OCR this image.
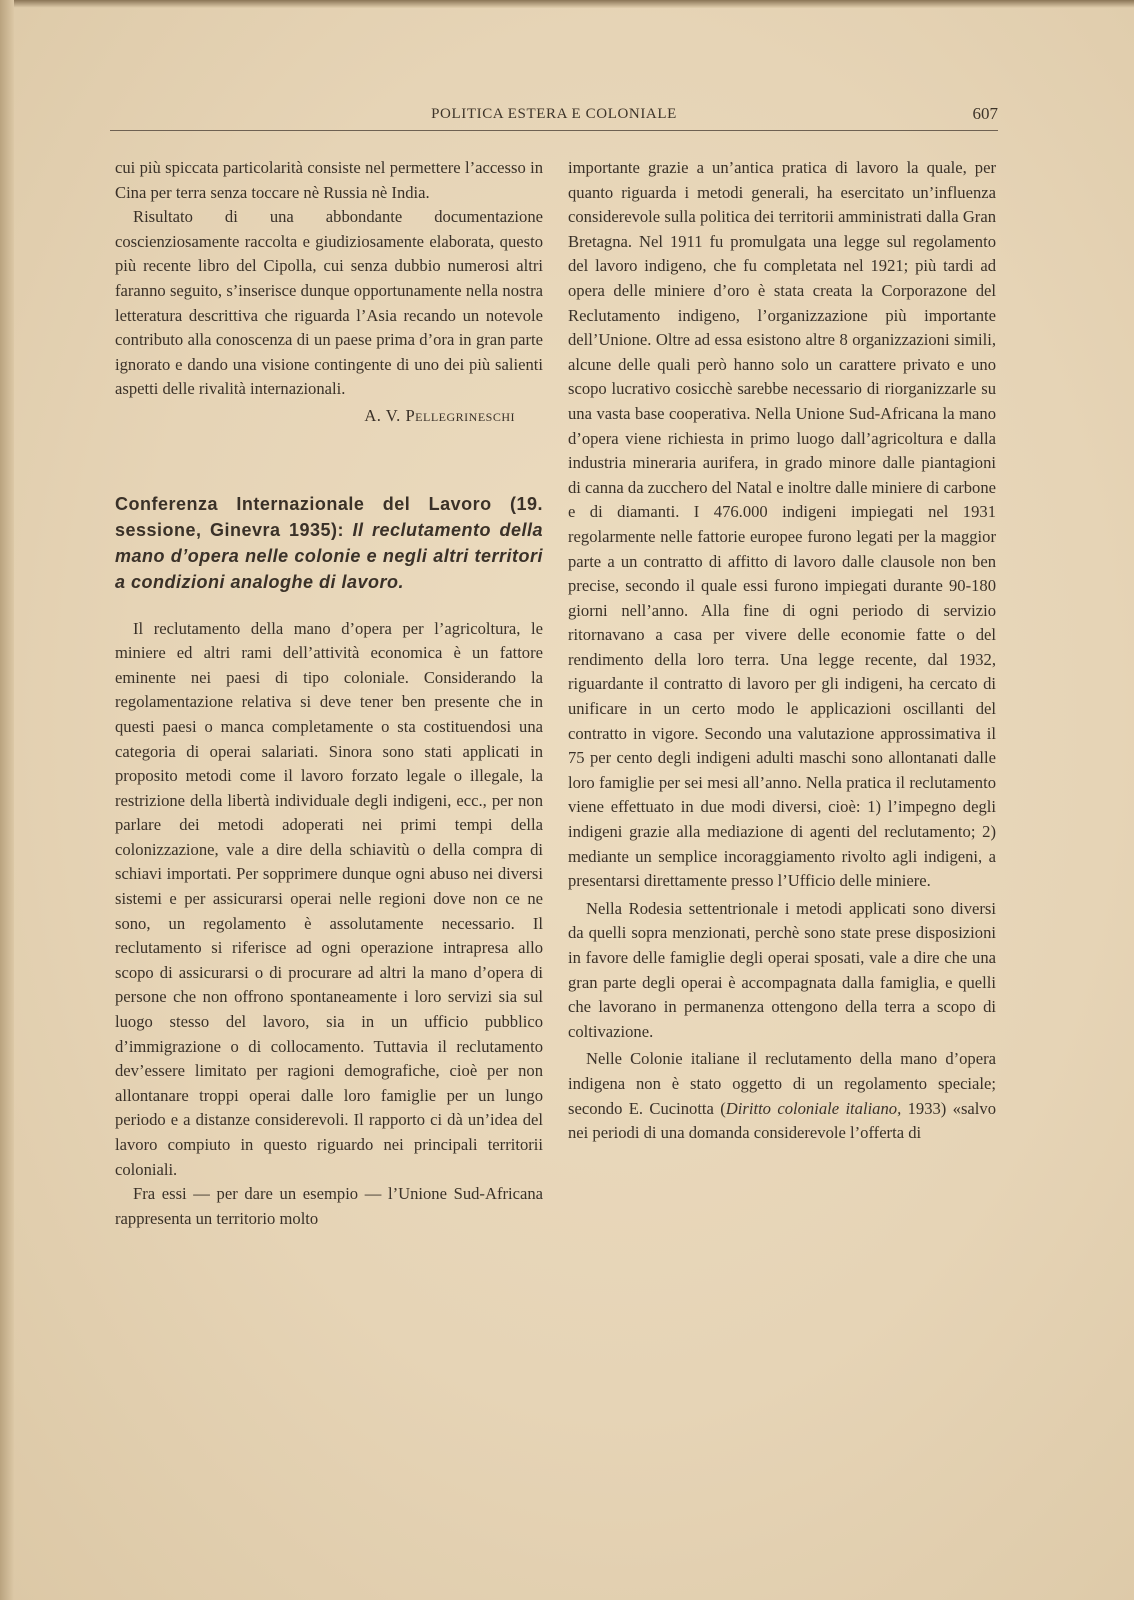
POLITICA ESTERA E COLONIALE	607

cui più spiccata particolarità consiste nel permettere l’accesso in Cina per terra senza toccare nè Russia nè India.

Risultato di una abbondante documentazione coscienziosamente raccolta e giudiziosamente elaborata, questo più recente libro del Cipolla, cui senza dubbio numerosi altri faranno seguito, s’inserisce dunque opportunamente nella nostra letteratura descrittiva che riguarda l’Asia recando un notevole contributo alla conoscenza di un paese prima d’ora in gran parte ignorato e dando una visione contingente di uno dei più salienti aspetti delle rivalità internazionali.

A. V. Pellegrineschi

Conferenza Internazionale del Lavoro (19. sessione, Ginevra 1935): Il reclutamento della mano d’opera nelle colonie e negli altri territori a condizioni analoghe di lavoro.

Il reclutamento della mano d’opera per l’agricoltura, le miniere ed altri rami dell’attività economica è un fattore eminente nei paesi di tipo coloniale. Considerando la regolamentazione relativa si deve tener ben presente che in questi paesi o manca completamente o sta costituendosi una categoria di operai salariati. Sinora sono stati applicati in proposito metodi come il lavoro forzato legale o illegale, la restrizione della libertà individuale degli indigeni, ecc., per non parlare dei metodi adoperati nei primi tempi della colonizzazione, vale a dire della schiavitù o della compra di schiavi importati. Per sopprimere dunque ogni abuso nei diversi sistemi e per assicurarsi operai nelle regioni dove non ce ne sono, un regolamento è assolutamente necessario. Il reclutamento si riferisce ad ogni operazione intrapresa allo scopo di assicurarsi o di procurare ad altri la mano d’opera di persone che non offrono spontaneamente i loro servizi sia sul luogo stesso del lavoro, sia in un ufficio pubblico d’immigrazione o di collocamento. Tuttavia il reclutamento dev’essere limitato per ragioni demografiche, cioè per non allontanare troppi operai dalle loro famiglie per un lungo periodo e a distanze considerevoli. Il rapporto ci dà un’idea del lavoro compiuto in questo riguardo nei principali territorii coloniali.

Fra essi — per dare un esempio — l’Unione Sud-Africana rappresenta un territorio molto

importante grazie a un’antica pratica di lavoro la quale, per quanto riguarda i metodi generali, ha esercitato un’influenza considerevole sulla politica dei territorii amministrati dalla Gran Bretagna. Nel 1911 fu promulgata una legge sul regolamento del lavoro indigeno, che fu completata nel 1921; più tardi ad opera delle miniere d’oro è stata creata la Corporazone del Reclutamento indigeno, l’organizzazione più importante dell’Unione. Oltre ad essa esistono altre 8 organizzazioni simili, alcune delle quali però hanno solo un carattere privato e uno scopo lucrativo cosicchè sarebbe necessario di riorganizzarle su una vasta base cooperativa. Nella Unione Sud-Africana la mano d’opera viene richiesta in primo luogo dall’agricoltura e dalla industria mineraria aurifera, in grado minore dalle piantagioni di canna da zucchero del Natal e inoltre dalle miniere di carbone e di diamanti. I 476.000 indigeni impiegati nel 1931 regolarmente nelle fattorie europee furono legati per la maggior parte a un contratto di affitto di lavoro dalle clausole non ben precise, secondo il quale essi furono impiegati durante 90-180 giorni nell’anno. Alla fine di ogni periodo di servizio ritornavano a casa per vivere delle economie fatte o del rendimento della loro terra. Una legge recente, dal 1932, riguardante il contratto di lavoro per gli indigeni, ha cercato di unificare in un certo modo le applicazioni oscillanti del contratto in vigore. Secondo una valutazione approssimativa il 75 per cento degli indigeni adulti maschi sono allontanati dalle loro famiglie per sei mesi all’anno. Nella pratica il reclutamento viene effettuato in due modi diversi, cioè: 1) l’impegno degli indigeni grazie alla mediazione di agenti del reclutamento; 2) mediante un semplice incoraggiamento rivolto agli indigeni, a presentarsi direttamente presso l’Ufficio delle miniere.

Nella Rodesia settentrionale i metodi applicati sono diversi da quelli sopra menzionati, perchè sono state prese disposizioni in favore delle famiglie degli operai sposati, vale a dire che una gran parte degli operai è accompagnata dalla famiglia, e quelli che lavorano in permanenza ottengono della terra a scopo di coltivazione.

Nelle Colonie italiane il reclutamento della mano d’opera indigena non è stato oggetto di un regolamento speciale; secondo E. Cucinotta (Diritto coloniale italiano, 1933) «salvo nei periodi di una domanda considerevole l’offerta di
